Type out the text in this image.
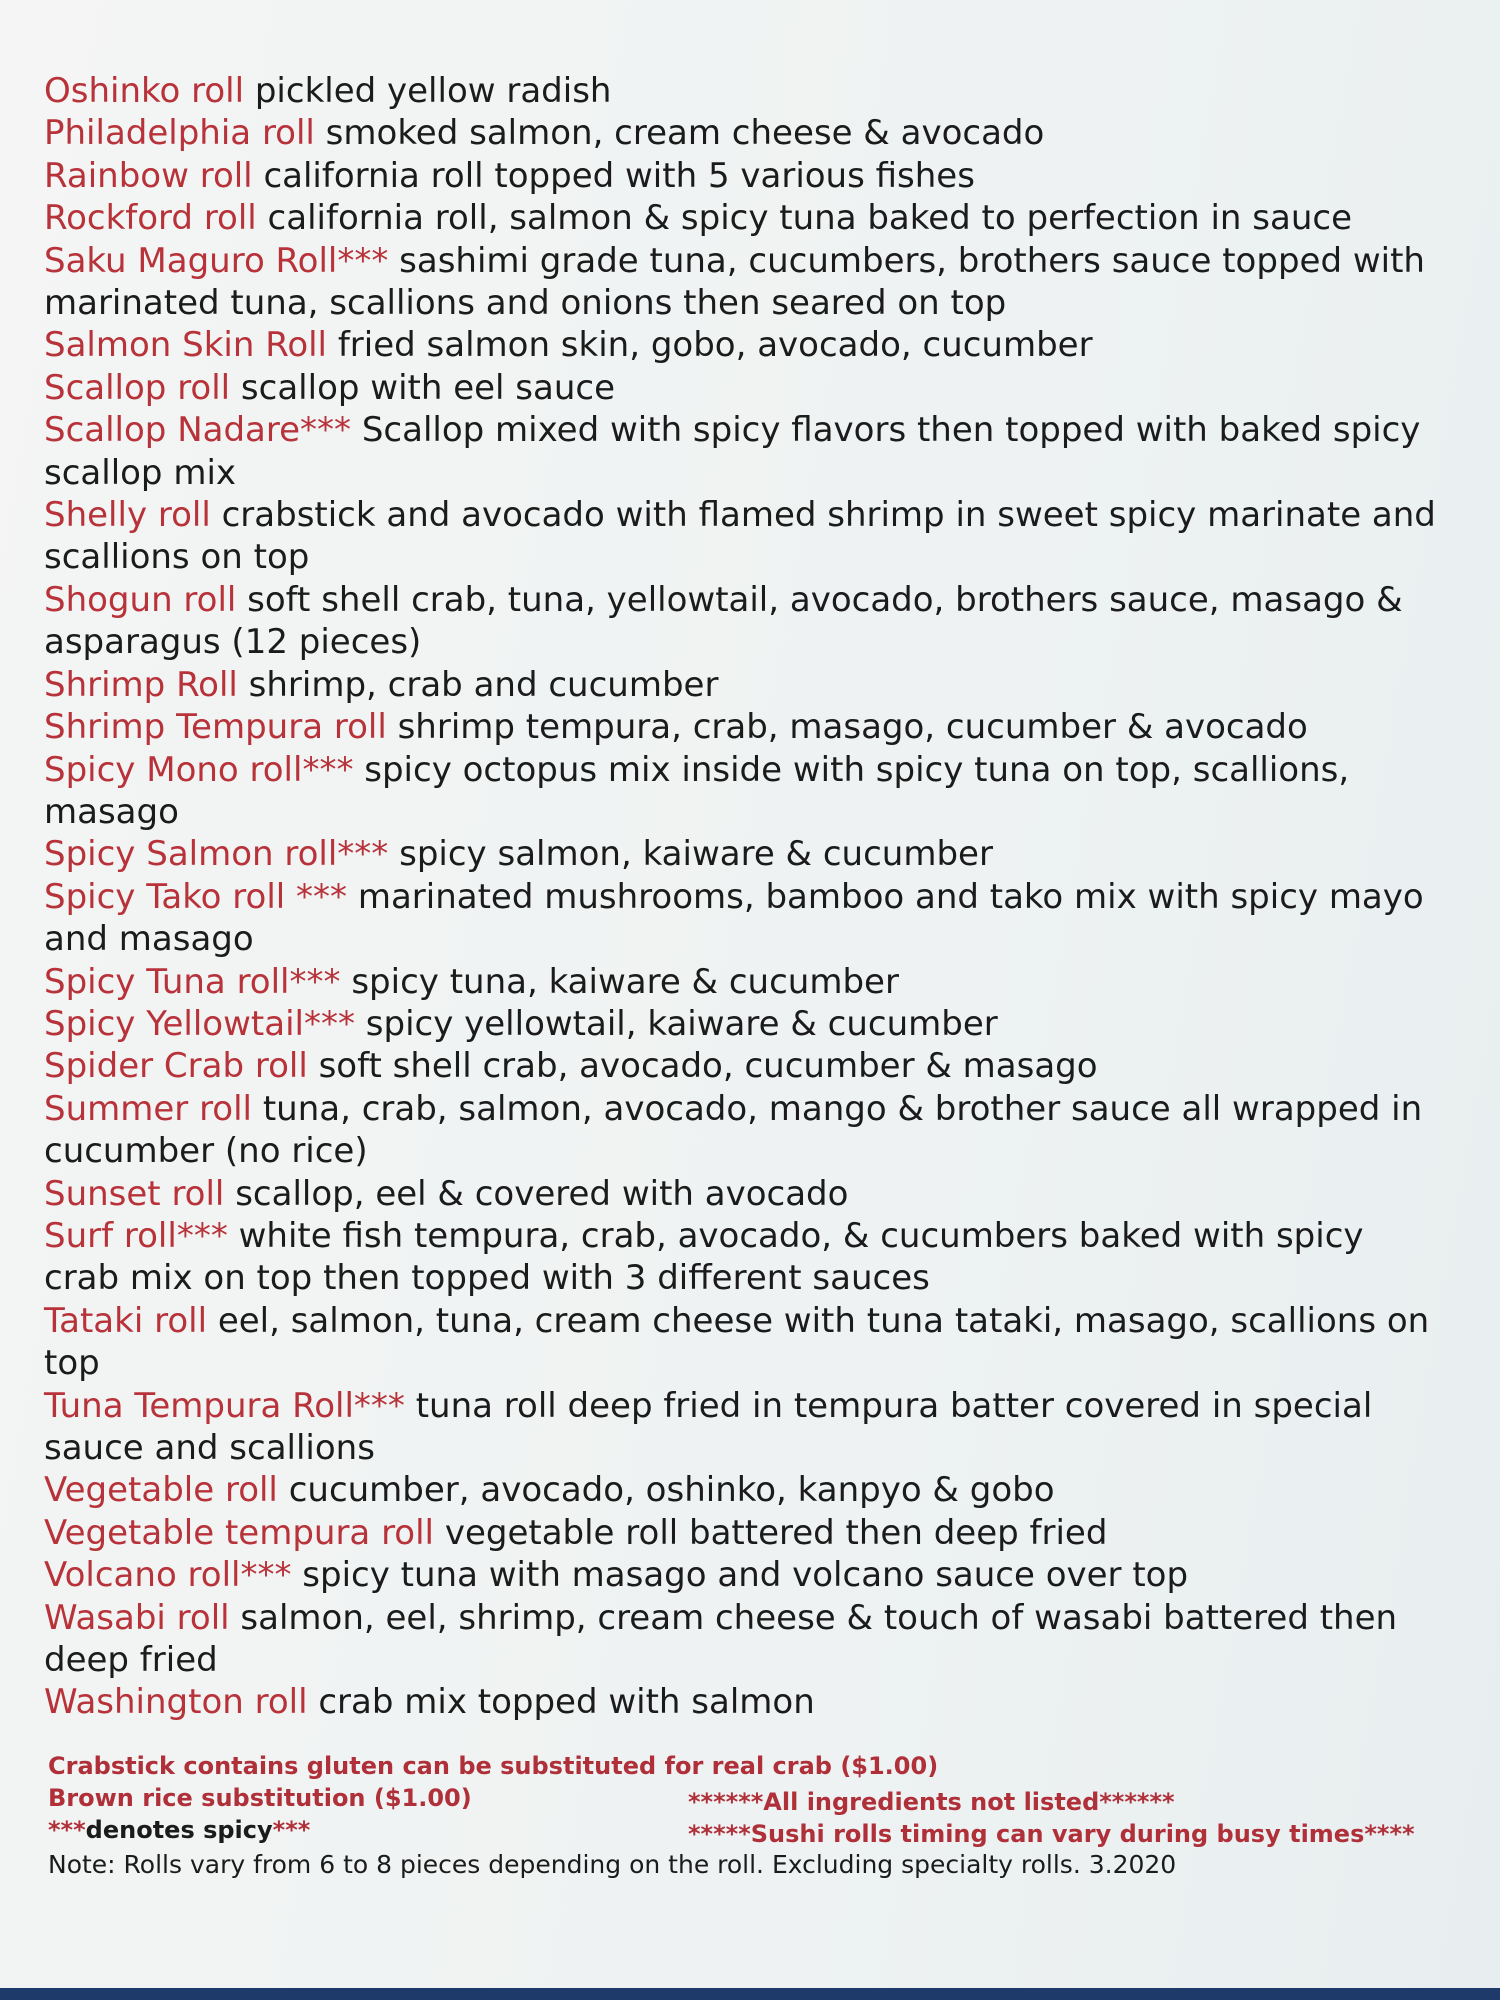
Oshinko roll pickled yellow radish

Philadelphia roll smoked salmon, cream cheese & avocado

Rainbow roll california roll topped with 5 various fishes

Rockford roll california roll, salmon & spicy tuna baked to perfection in sauce

Saku Maguro Roll*** sashimi grade tuna, cucumbers, brothers sauce topped with marinated tuna, scallions and onions then seared on top

Salmon Skin Roll fried salmon skin, gobo, avocado, cucumber

Scallop roll scallop with eel sauce

Scallop Nadare*** Scallop mixed with spicy flavors then topped with baked spicy scallop mix

Shelly roll crabstick and avocado with flamed shrimp in sweet spicy marinate and scallions on top

Shogun roll soft shell crab, tuna, yellowtail, avocado, brothers sauce, masago & asparagus (12 pieces)

Shrimp Roll shrimp, crab and cucumber

Shrimp Tempura roll shrimp tempura, crab, masago, cucumber & avocado

Spicy Mono roll*** spicy octopus mix inside with spicy tuna on top, scallions, masago

Spicy Salmon roll*** spicy salmon, kaiware & cucumber

Spicy Tako roll *** marinated mushrooms, bamboo and tako mix with spicy mayo and masago

Spicy Tuna roll*** spicy tuna, kaiware & cucumber

Spicy Yellowtail*** spicy yellowtail, kaiware & cucumber

Spider Crab roll soft shell crab, avocado, cucumber & masago

Summer roll tuna, crab, salmon, avocado, mango & brother sauce all wrapped in cucumber (no rice)

Sunset roll scallop, eel & covered with avocado

Surf roll*** white fish tempura, crab, avocado, & cucumbers baked with spicy crab mix on top then topped with 3 different sauces

Tataki roll eel, salmon, tuna, cream cheese with tuna tataki, masago, scallions on top

Tuna Tempura Roll*** tuna roll deep fried in tempura batter covered in special sauce and scallions

Vegetable roll cucumber, avocado, oshinko, kanpyo & gobo

Vegetable tempura roll vegetable roll battered then deep fried

Volcano roll*** spicy tuna with masago and volcano sauce over top

Wasabi roll salmon, eel, shrimp, cream cheese & touch of wasabi battered then deep fried

Washington roll crab mix topped with salmon

Crabstick contains gluten can be substituted for real crab ($1.00)
Brown rice substitution ($1.00)	******All ingredients not listed******
***denotes spicy***	*****Sushi rolls timing can vary during busy times****
Note: Rolls vary from 6 to 8 pieces depending on the roll. Excluding specialty rolls. 3.2020
